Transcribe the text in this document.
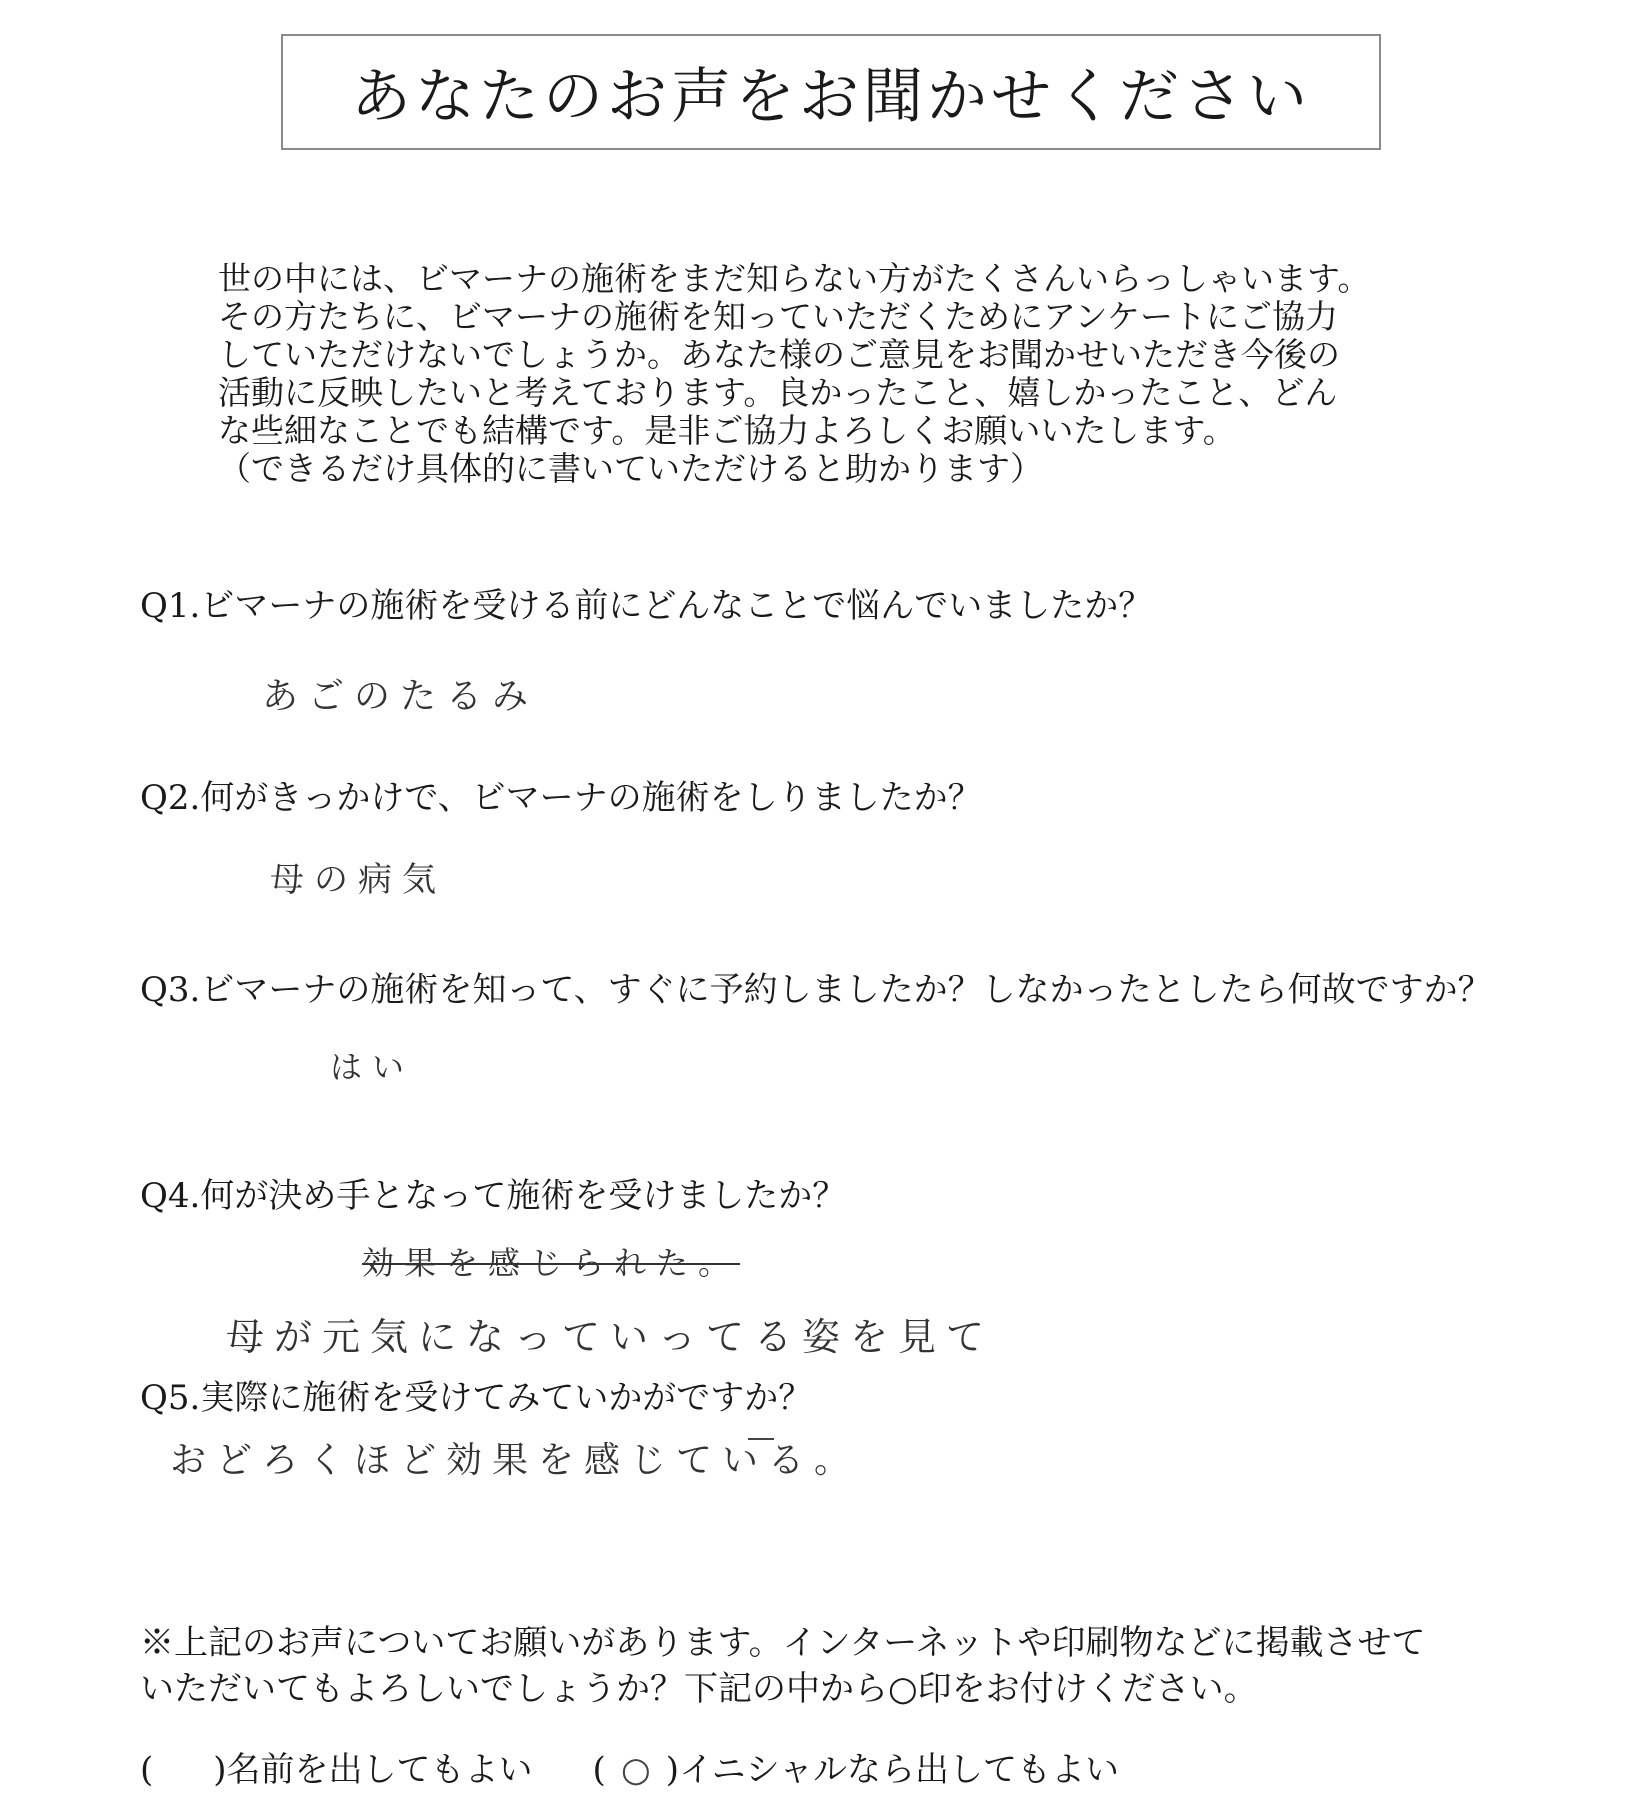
あなたのお声をお聞かせください
世の中には、ビマーナの施術をまだ知らない方がたくさんいらっしゃいます。
その方たちに、ビマーナの施術を知っていただくためにアンケートにご協力
していただけないでしょうか。あなた様のご意見をお聞かせいただき今後の
活動に反映したいと考えております。良かったこと、嬉しかったこと、どん
な些細なことでも結構です。是非ご協力よろしくお願いいたします。
（できるだけ具体的に書いていただけると助かります）
Q1.ビマーナの施術を受ける前にどんなことで悩んでいましたか？
あごのたるみ
Q2.何がきっかけで、ビマーナの施術をしりましたか？
母の病気
Q3.ビマーナの施術を知って、すぐに予約しましたか？しなかったとしたら何故ですか？
はい
Q4.何が決め手となって施術を受けましたか？
効果を感じられた。
母が元気になっていってる姿を見て
Q5.実際に施術を受けてみていかがですか？
おどろくほど効果を感じている。
※上記のお声についてお願いがあります。インターネットや印刷物などに掲載させて
いただいてもよろしいでしょうか？下記の中から○印をお付けください。
( )名前を出してもよい ( ○ )イニシャルなら出してもよい
